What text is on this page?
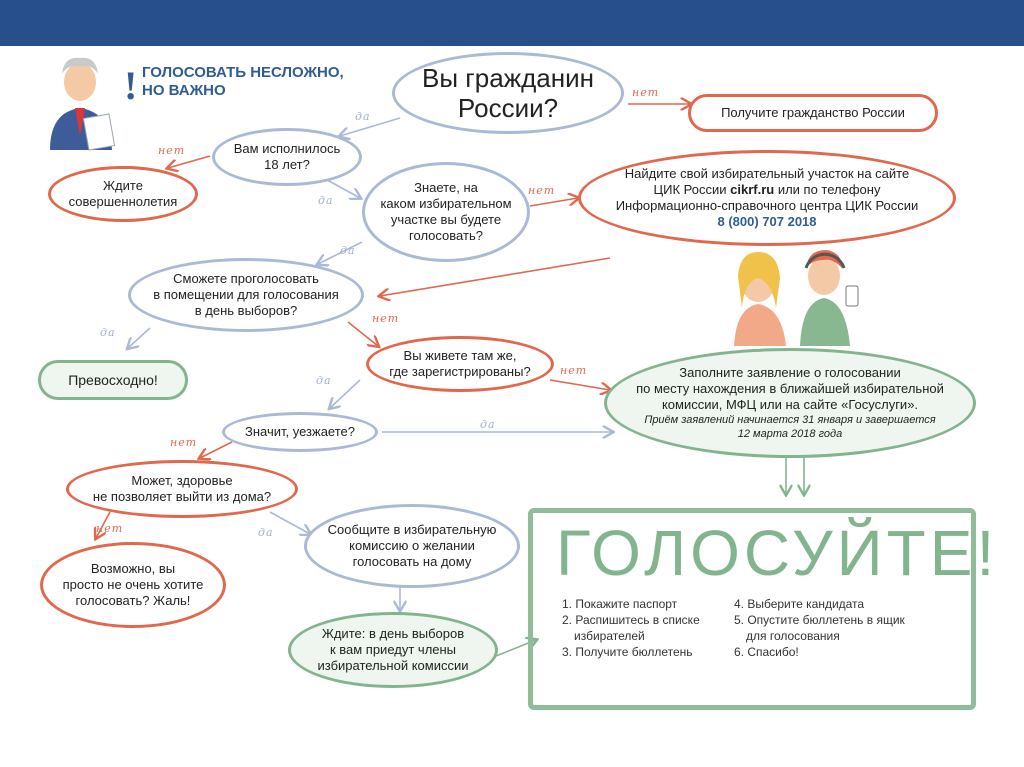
! ГОЛОСОВАТЬ НЕСЛОЖНО,
НО ВАЖНО	нет
да
нет
да
нет
да
да
нет
нет
да
да
нет
нет	да
Вы гражданин
России?	Получите гражданство России
Вам исполнилось
18 лет?
Ждите
совершеннолетия
Знаете, на
каком избирательном
участке вы будете
голосовать?
Найдите свой избирательный участок на сайте
ЦИК России cikrf.ru или по телефону
Информационно-справочного центра ЦИК России
8 (800) 707 2018
Сможете проголосовать
в помещении для голосования
в день выборов?
Превосходно!
Вы живете там же,
где зарегистрированы?	Заполните заявление о голосовании
по месту нахождения в ближайшей избирательной
комиссии, МФЦ или на сайте «Госуслуги».
Приём заявлений начинается 31 января и завершается
12 марта 2018 года
Значит, уезжаете?
Может, здоровье
не позволяет выйти из дома?
Возможно, вы
просто не очень хотите
голосовать? Жаль!
Сообщите в избирательную
комиссию о желании
голосовать на дому
Ждите: в день выборов
к вам приедут члены
избирательной комиссии
ГОЛОСУЙТЕ!
1. Покажите паспорт
2. Распишитесь в списке
избирателей
3. Получите бюллетень
4. Выберите кандидата
5. Опустите бюллетень в ящик
для голосования
6. Спасибо!
